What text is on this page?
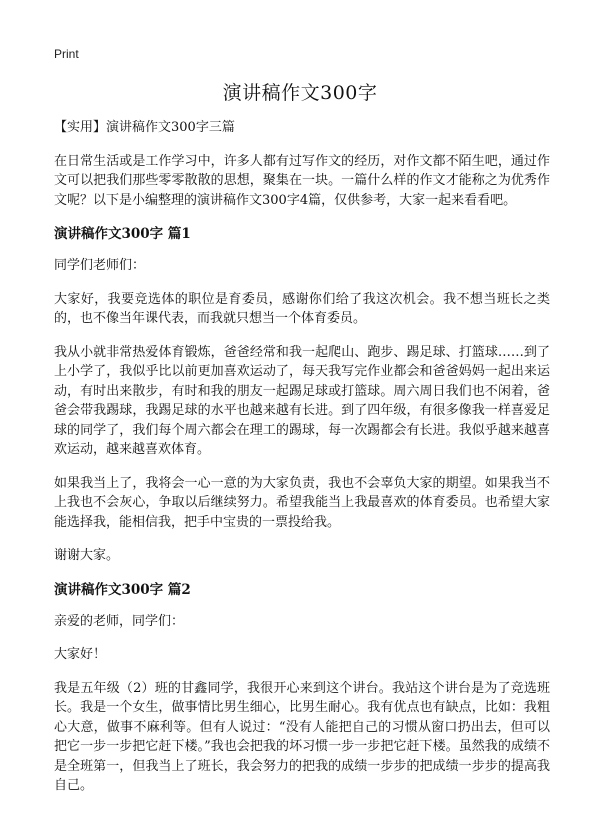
Print
演讲稿作文300字

【实用】演讲稿作文300字三篇

在日常生活或是工作学习中，许多人都有过写作文的经历，对作文都不陌生吧，通过作文可以把我们那些零零散散的思想，聚集在一块。一篇什么样的作文才能称之为优秀作文呢？以下是小编整理的演讲稿作文300字4篇，仅供参考，大家一起来看看吧。

演讲稿作文300字 篇1

同学们老师们：

大家好，我要竞选体的职位是育委员，感谢你们给了我这次机会。我不想当班长之类的，也不像当年课代表，而我就只想当一个体育委员。

我从小就非常热爱体育锻炼，爸爸经常和我一起爬山、跑步、踢足球、打篮球……到了上小学了，我似乎比以前更加喜欢运动了，每天我写完作业都会和爸爸妈妈一起出来运动，有时出来散步，有时和我的朋友一起踢足球或打篮球。周六周日我们也不闲着，爸爸会带我踢球，我踢足球的水平也越来越有长进。到了四年级，有很多像我一样喜爱足球的同学了，我们每个周六都会在理工的踢球，每一次踢都会有长进。我似乎越来越喜欢运动，越来越喜欢体育。

如果我当上了，我将会一心一意的为大家负责，我也不会辜负大家的期望。如果我当不上我也不会灰心，争取以后继续努力。希望我能当上我最喜欢的体育委员。也希望大家能选择我，能相信我，把手中宝贵的一票投给我。

谢谢大家。

演讲稿作文300字 篇2

亲爱的老师，同学们：

大家好！

我是五年级（2）班的甘鑫同学，我很开心来到这个讲台。我站这个讲台是为了竞选班长。我是一个女生，做事情比男生细心，比男生耐心。我有优点也有缺点，比如：我粗心大意，做事不麻利等。但有人说过：“没有人能把自己的习惯从窗口扔出去，但可以把它一步一步把它赶下楼。”我也会把我的坏习惯一步一步把它赶下楼。虽然我的成绩不是全班第一，但我当上了班长，我会努力的把我的成绩一步步的把成绩一步步的提高我自己。
